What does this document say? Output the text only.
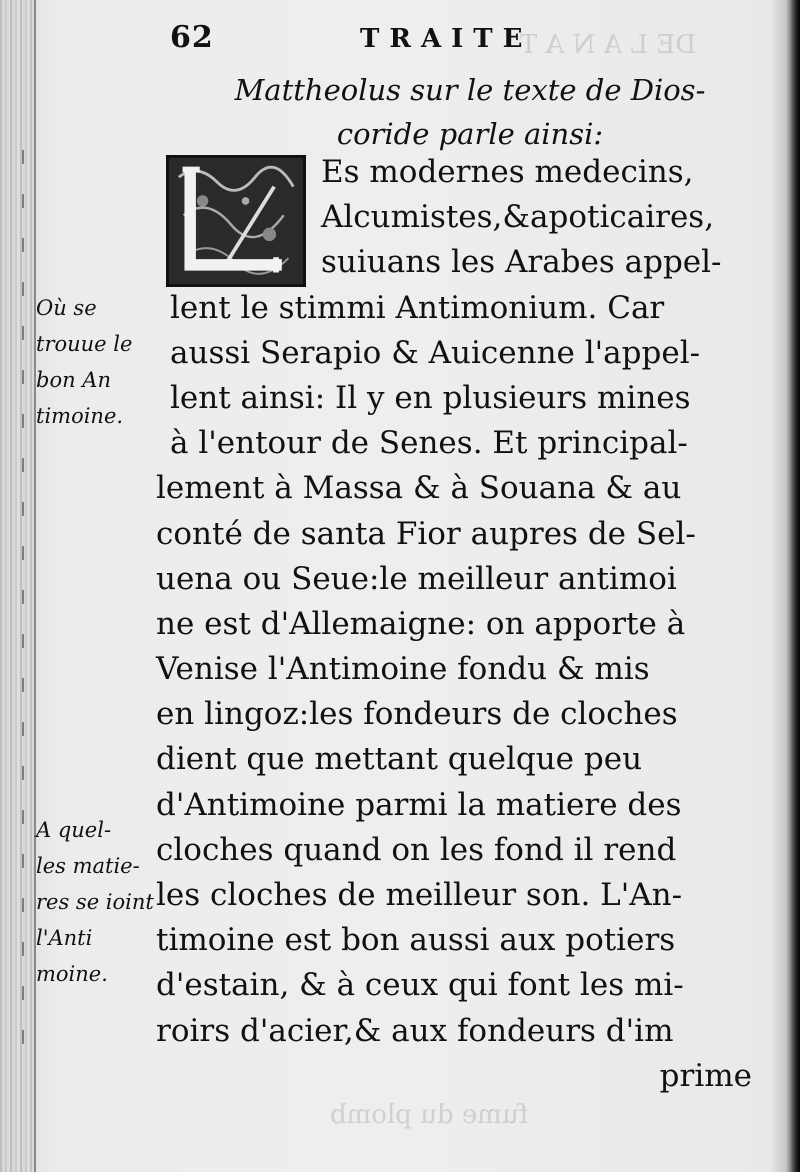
DE L A N A T
fume du plomb
62	TRAITE
Mattheolus sur le texte de Dios-
coride parle ainsi:
Es modernes medecins,
Alcumistes,&apoticaires,
suiuans les Arabes appel-
lent le stimmi Antimonium. Car
aussi Serapio & Auicenne l'appel-
lent ainsi: Il y en plusieurs mines
à l'entour de Senes. Et principal-
lement à Massa & à Souana & au
conté de santa Fior aupres de Sel-
uena ou Seue:le meilleur antimoi
ne est d'Allemaigne: on apporte à
Venise l'Antimoine fondu & mis
en lingoz:les fondeurs de cloches
dient que mettant quelque peu
d'Antimoine parmi la matiere des
cloches quand on les fond il rend
les cloches de meilleur son. L'An-
timoine est bon aussi aux potiers
d'estain, & à ceux qui font les mi-
roirs d'acier,& aux fondeurs d'im
prime
Où se
trouue le
bon An
timoine.
A quel-
les matie-
res se ioint
l'Anti
moine.
